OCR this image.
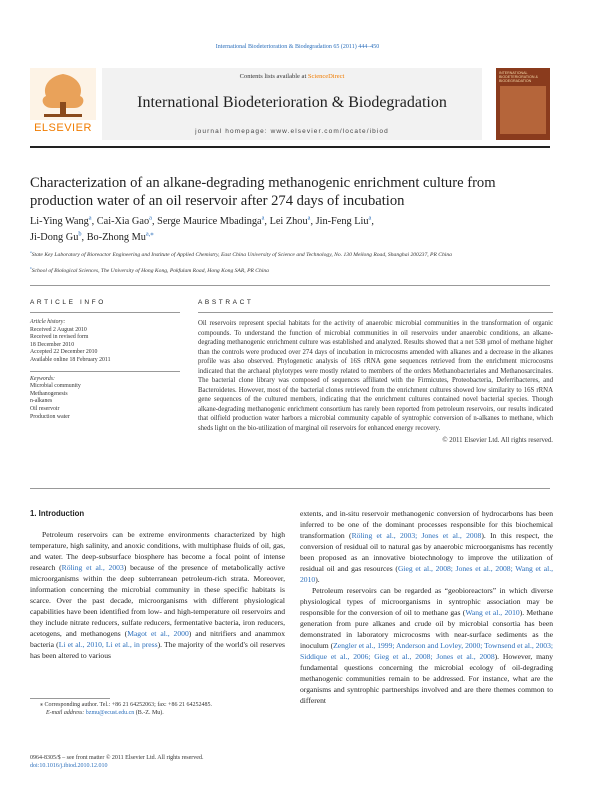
International Biodeterioration & Biodegradation 65 (2011) 444–450
ELSEVIER
Contents lists available at ScienceDirect
International Biodeterioration & Biodegradation
journal homepage: www.elsevier.com/locate/ibiod
INTERNATIONAL BIODETERIORATION & BIODEGRADATION
Characterization of an alkane-degrading methanogenic enrichment culture from production water of an oil reservoir after 274 days of incubation
Li-Ying Wang$^a$, Cai-Xia Gao$^a$, Serge Maurice Mbadinga$^a$, Lei Zhou$^a$, Jin-Feng Liu$^a$,
Ji-Dong Gu$^b$, Bo-Zhong $Mu^{a,⁎}$
$^a$State Key Laboratory of Bioreactor Engineering and Institute of Applied Chemistry, East China University of Science and Technology, No. 130 Meilong Road, Shanghai 200237, PR China
$^b$School of Biological Sciences, The University of Hong Kong, Pokfulam Road, Hong Kong SAR, PR China
ARTICLE INFO	ABSTRACT
Article history:
Received 2 August 2010
Received in revised form
18 December 2010
Accepted 22 December 2010
Available online 18 February 2011
Keywords:
Microbial community
Methanogenesis
n-alkanes
Oil reservoir
Production water
Oil reservoirs represent special habitats for the activity of anaerobic microbial communities in the transformation of organic compounds. To understand the function of microbial communities in oil reservoirs under anaerobic conditions, an alkane-degrading methanogenic enrichment culture was established and analyzed. Results showed that a net 538 μmol of methane higher than the controls were produced over 274 days of incubation in microcosms amended with alkanes and a decrease in the alkanes profile was also observed. Phylogenetic analysis of 16S rRNA gene sequences retrieved from the enrichment microcosms indicated that the archaeal phylotypes were mostly related to members of the orders Methanobacteriales and Methanosarcinales. The bacterial clone library was composed of sequences affiliated with the Firmicutes, Proteobacteria, Deferribacteres, and Bacteroidetes. However, most of the bacterial clones retrieved from the enrichment cultures showed low similarity to 16S rRNA gene sequences of the cultured members, indicating that the enrichment cultures contained novel bacterial species. Though alkane-degrading methanogenic enrichment consortium has rarely been reported from petroleum reservoirs, our results indicated that oilfield production water harbors a microbial community capable of syntrophic conversion of n-alkanes to methane, which sheds light on the bio-utilization of marginal oil reservoirs for enhanced energy recovery.
© 2011 Elsevier Ltd. All rights reserved.
1. Introduction

Petroleum reservoirs can be extreme environments characterized by high temperature, high salinity, and anoxic conditions, with multiphase fluids of oil, gas, and water. The deep-subsurface biosphere has become a focal point of intense research (Röling et al., 2003) because of the presence of metabolically active microorganisms within the deep subterranean petroleum-rich strata. Moreover, information concerning the microbial community in these specific habitats is scarce. Over the past decade, microorganisms with different physiological capabilities have been identified from low- and high-temperature oil reservoirs and they include nitrate reducers, sulfate reducers, fermentative bacteria, iron reducers, acetogens, and methanogens (Magot et al., 2000) and nitrifiers and anammox bacteria (Li et al., 2010, Li et al., in press). The majority of the world's oil reserves has been altered to various

extents, and in-situ reservoir methanogenic conversion of hydrocarbons has been inferred to be one of the dominant processes responsible for this biochemical transformation (Röling et al., 2003; Jones et al., 2008). In this respect, the conversion of residual oil to natural gas by anaerobic microorganisms has recently been proposed as an innovative biotechnology to improve the utilization of residual oil and gas resources (Gieg et al., 2008; Jones et al., 2008; Wang et al., 2010).

Petroleum reservoirs can be regarded as “geobioreactors” in which diverse physiological types of microorganisms in syntrophic association may be responsible for the conversion of oil to methane gas (Wang et al., 2010). Methane generation from pure alkanes and crude oil by microbial consortia has been demonstrated in laboratory microcosms with near-surface sediments as the inoculum (Zengler et al., 1999; Anderson and Lovley, 2000; Townsend et al., 2003; Siddique et al., 2006; Gieg et al., 2008; Jones et al., 2008). However, many fundamental questions concerning the microbial ecology of oil-degrading methanogenic communities remain to be addressed. For instance, what are the organisms and syntrophic partnerships involved and are there themes common to different

⁎ Corresponding author. Tel.: +86 21 64252063; fax: +86 21 64252485.
E-mail address: bzmu@ecust.edu.cn (B.-Z. Mu).
0964-8305/$ – see front matter © 2011 Elsevier Ltd. All rights reserved.
doi:10.1016/j.ibiod.2010.12.010
